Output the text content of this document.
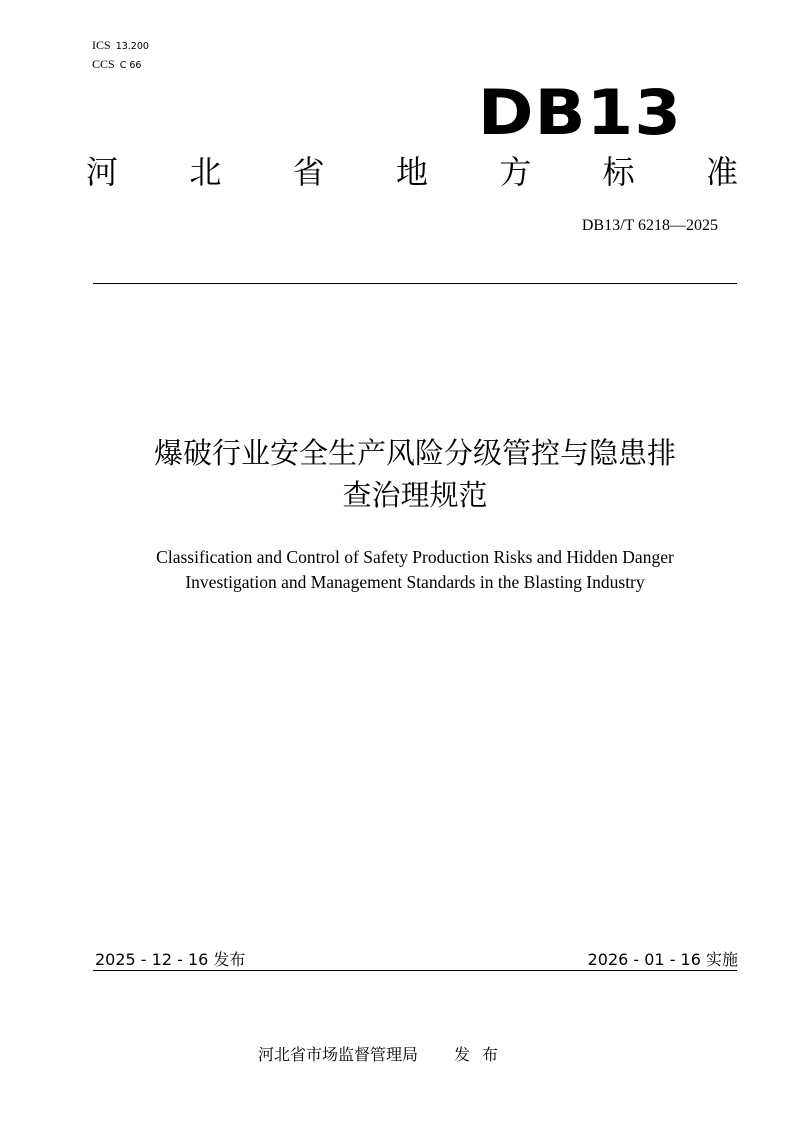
ICS 13.200
CCS C 66
DB13
河 北 省 地 方 标 准
DB13/T 6218—2025
爆破行业安全生产风险分级管控与隐患排
查治理规范
Classification and Control of Safety Production Risks and Hidden Danger
Investigation and Management Standards in the Blasting Industry
2025 - 12 - 16 发布	2026 - 01 - 16 实施
河北省市场监督管理局 发布
